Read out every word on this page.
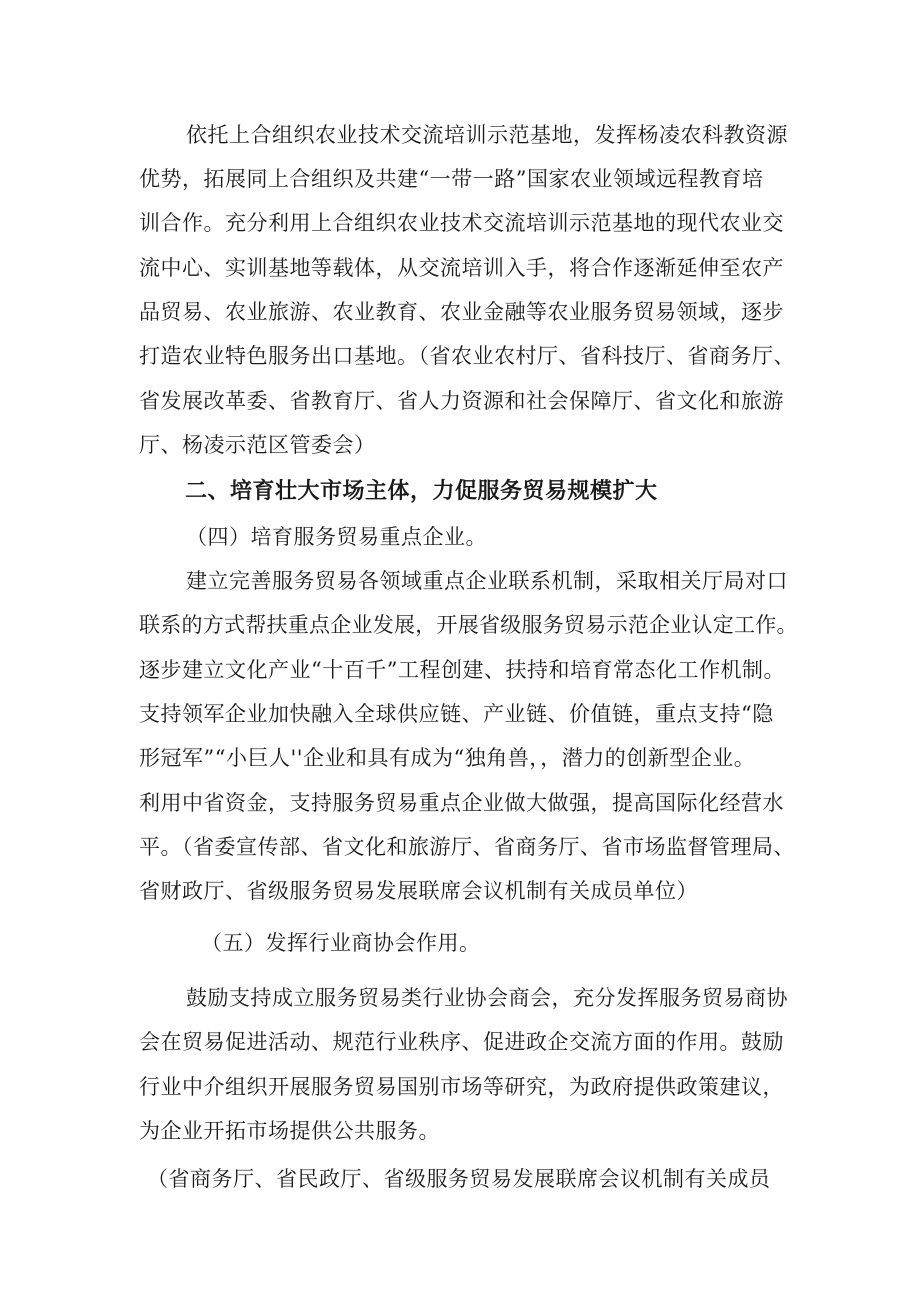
依托上合组织农业技术交流培训示范基地，发挥杨凌农科教资源
优势，拓展同上合组织及共建“一带一路”国家农业领域远程教育培
训合作。充分利用上合组织农业技术交流培训示范基地的现代农业交
流中心、实训基地等载体，从交流培训入手，将合作逐渐延伸至农产
品贸易、农业旅游、农业教育、农业金融等农业服务贸易领域，逐步
打造农业特色服务出口基地。（省农业农村厅、省科技厅、省商务厅、
省发展改革委、省教育厅、省人力资源和社会保障厅、省文化和旅游
厅、杨凌示范区管委会）
二、培育壮大市场主体，力促服务贸易规模扩大
（四）培育服务贸易重点企业。
建立完善服务贸易各领域重点企业联系机制，采取相关厅局对口
联系的方式帮扶重点企业发展，开展省级服务贸易示范企业认定工作。
逐步建立文化产业“十百千”工程创建、扶持和培育常态化工作机制。
支持领军企业加快融入全球供应链、产业链、价值链，重点支持“隐
形冠军”“小巨人''企业和具有成为“独角兽，，潜力的创新型企业。
利用中省资金，支持服务贸易重点企业做大做强，提高国际化经营水
平。（省委宣传部、省文化和旅游厅、省商务厅、省市场监督管理局、
省财政厅、省级服务贸易发展联席会议机制有关成员单位）
（五）发挥行业商协会作用。
鼓励支持成立服务贸易类行业协会商会，充分发挥服务贸易商协
会在贸易促进活动、规范行业秩序、促进政企交流方面的作用。鼓励
行业中介组织开展服务贸易国别市场等研究，为政府提供政策建议，
为企业开拓市场提供公共服务。
（省商务厅、省民政厅、省级服务贸易发展联席会议机制有关成员
